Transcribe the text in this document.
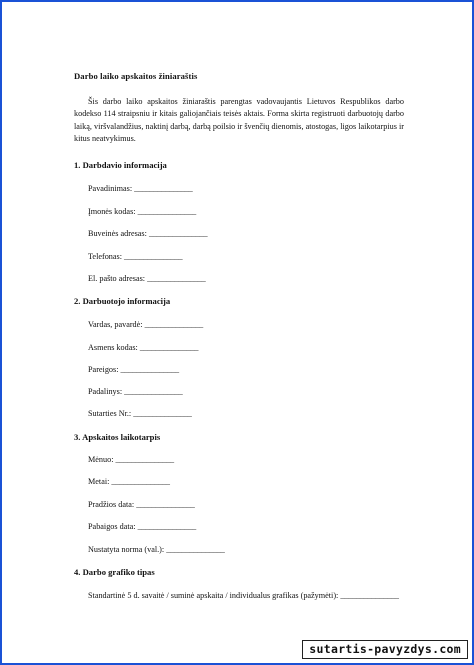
Darbo laiko apskaitos žiniaraštis

Šis darbo laiko apskaitos žiniaraštis parengtas vadovaujantis Lietuvos Respublikos darbo kodekso 114 straipsniu ir kitais galiojančiais teisės aktais. Forma skirta registruoti darbuotojų darbo laiką, viršvalandžius, naktinį darbą, darbą poilsio ir švenčių dienomis, atostogas, ligos laikotarpius ir kitus neatvykimus.

1. Darbdavio informacija
Pavadinimas: _______________
Įmonės kodas: _______________
Buveinės adresas: _______________
Telefonas: _______________
El. pašto adresas: _______________
2. Darbuotojo informacija
Vardas, pavardė: _______________
Asmens kodas: _______________
Pareigos: _______________
Padalinys: _______________
Sutarties Nr.: _______________
3. Apskaitos laikotarpis
Mėnuo: _______________
Metai: _______________
Pradžios data: _______________
Pabaigos data: _______________
Nustatyta norma (val.): _______________
4. Darbo grafiko tipas
Standartinė 5 d. savaitė / suminė apskaita / individualus grafikas (pažymėti): _______________
sutartis-pavyzdys.com
